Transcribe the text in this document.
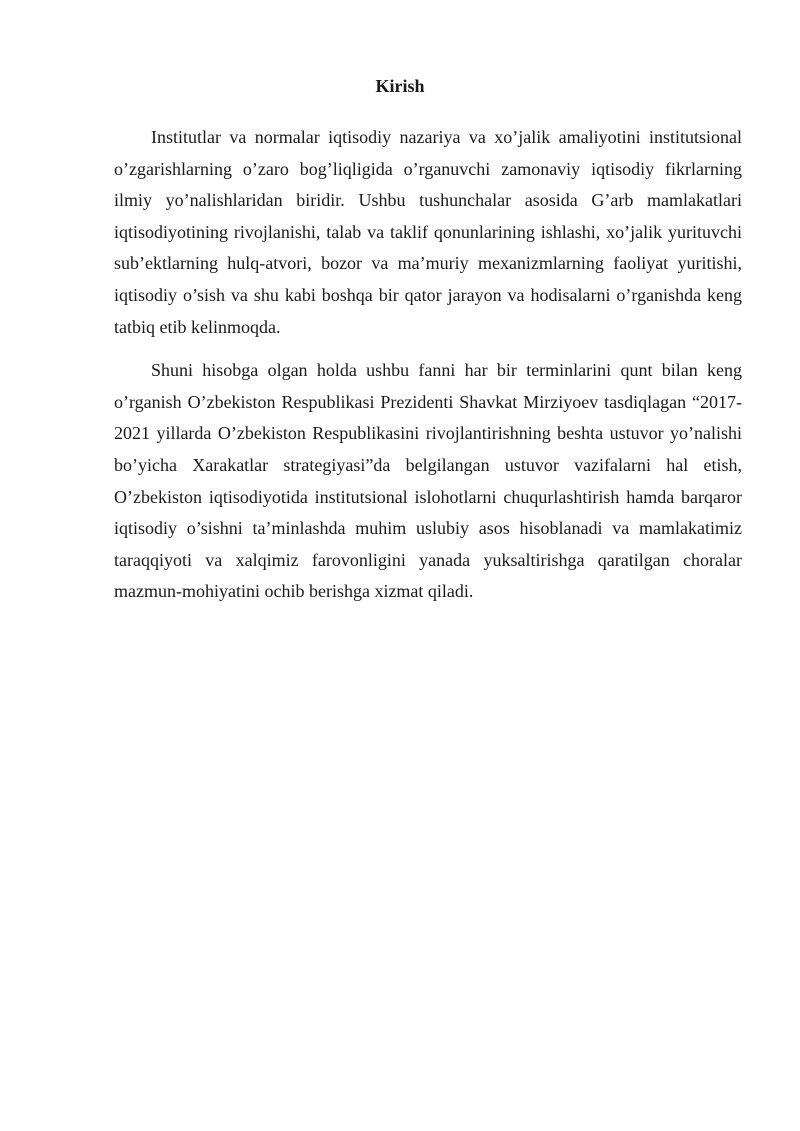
Kirish

Institutlar va normalar iqtisodiy nazariya va xo’jalik amaliyotini institutsional o’zgarishlarning o’zaro bog’liqligida o’rganuvchi zamonaviy iqtisodiy fikrlarning ilmiy yo’nalishlaridan biridir. Ushbu tushunchalar asosida G’arb mamlakatlari iqtisodiyotining rivojlanishi, talab va taklif qonunlarining ishlashi, xo’jalik yurituvchi sub’ektlarning hulq-atvori, bozor va ma’muriy mexanizmlarning faoliyat yuritishi, iqtisodiy o’sish va shu kabi boshqa bir qator jarayon va hodisalarni o’rganishda keng tatbiq etib kelinmoqda.

Shuni hisobga olgan holda ushbu fanni har bir terminlarini qunt bilan keng o’rganish O’zbekiston Respublikasi Prezidenti Shavkat Mirziyoev tasdiqlagan “2017-2021 yillarda O’zbekiston Respublikasini rivojlantirishning beshta ustuvor yo’nalishi bo’yicha Xarakatlar strategiyasi”da belgilangan ustuvor vazifalarni hal etish, O’zbekiston iqtisodiyotida institutsional islohotlarni chuqurlashtirish hamda barqaror iqtisodiy o’sishni ta’minlashda muhim uslubiy asos hisoblanadi va mamlakatimiz taraqqiyoti va xalqimiz farovonligini yanada yuksaltirishga qaratilgan choralar mazmun-mohiyatini ochib berishga xizmat qiladi.
